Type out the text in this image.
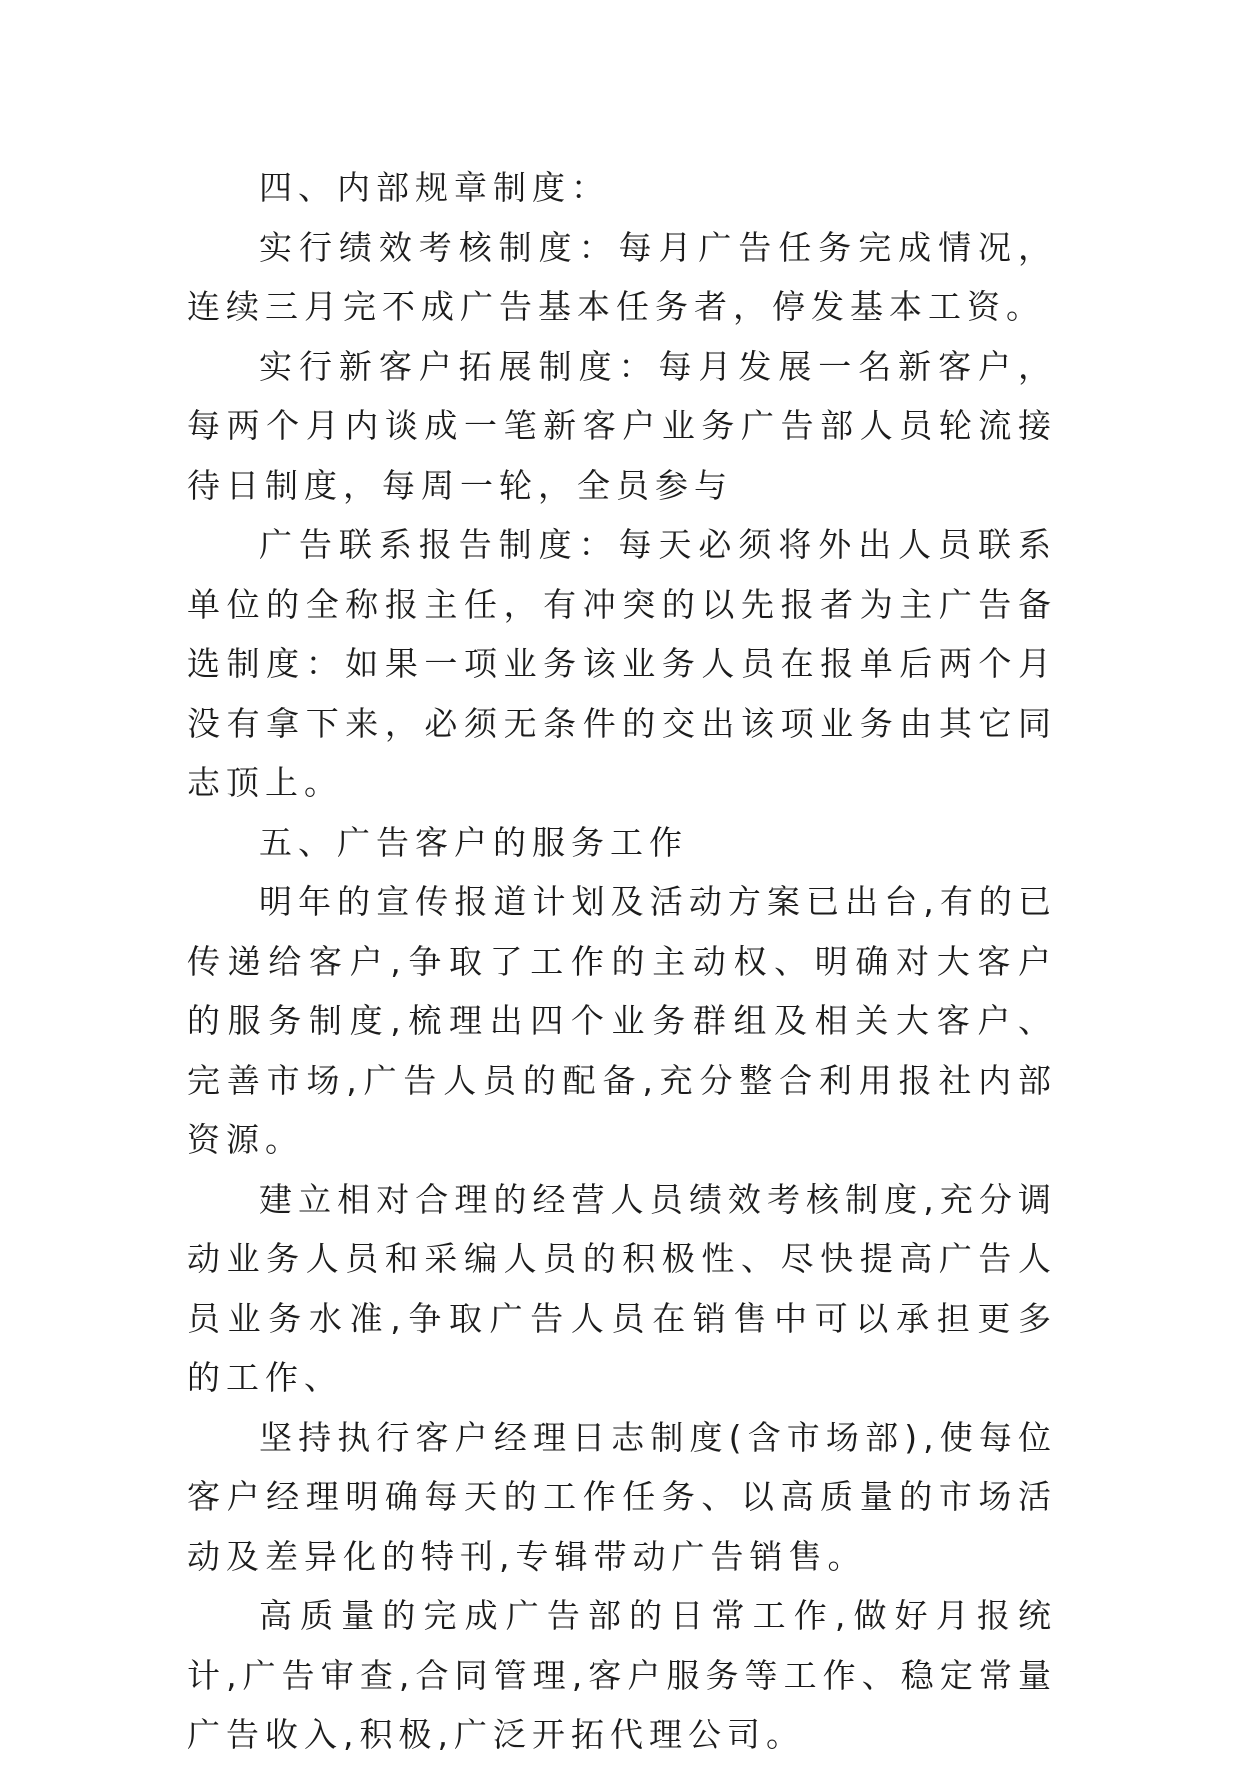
四、内部规章制度：

实行绩效考核制度：每月广告任务完成情况，连续三月完不成广告基本任务者，停发基本工资。

实行新客户拓展制度：每月发展一名新客户，每两个月内谈成一笔新客户业务广告部人员轮流接待日制度，每周一轮，全员参与

广告联系报告制度：每天必须将外出人员联系单位的全称报主任，有冲突的以先报者为主广告备选制度：如果一项业务该业务人员在报单后两个月没有拿下来，必须无条件的交出该项业务由其它同志顶上。

五、广告客户的服务工作

明年的宣传报道计划及活动方案已出台,有的已传递给客户,争取了工作的主动权、明确对大客户的服务制度,梳理出四个业务群组及相关大客户、完善市场,广告人员的配备,充分整合利用报社内部资源。

建立相对合理的经营人员绩效考核制度,充分调动业务人员和采编人员的积极性、尽快提高广告人员业务水准,争取广告人员在销售中可以承担更多的工作、

坚持执行客户经理日志制度(含市场部),使每位客户经理明确每天的工作任务、以高质量的市场活动及差异化的特刊,专辑带动广告销售。

高质量的完成广告部的日常工作,做好月报统计,广告审查,合同管理,客户服务等工作、稳定常量广告收入,积极,广泛开拓代理公司。
